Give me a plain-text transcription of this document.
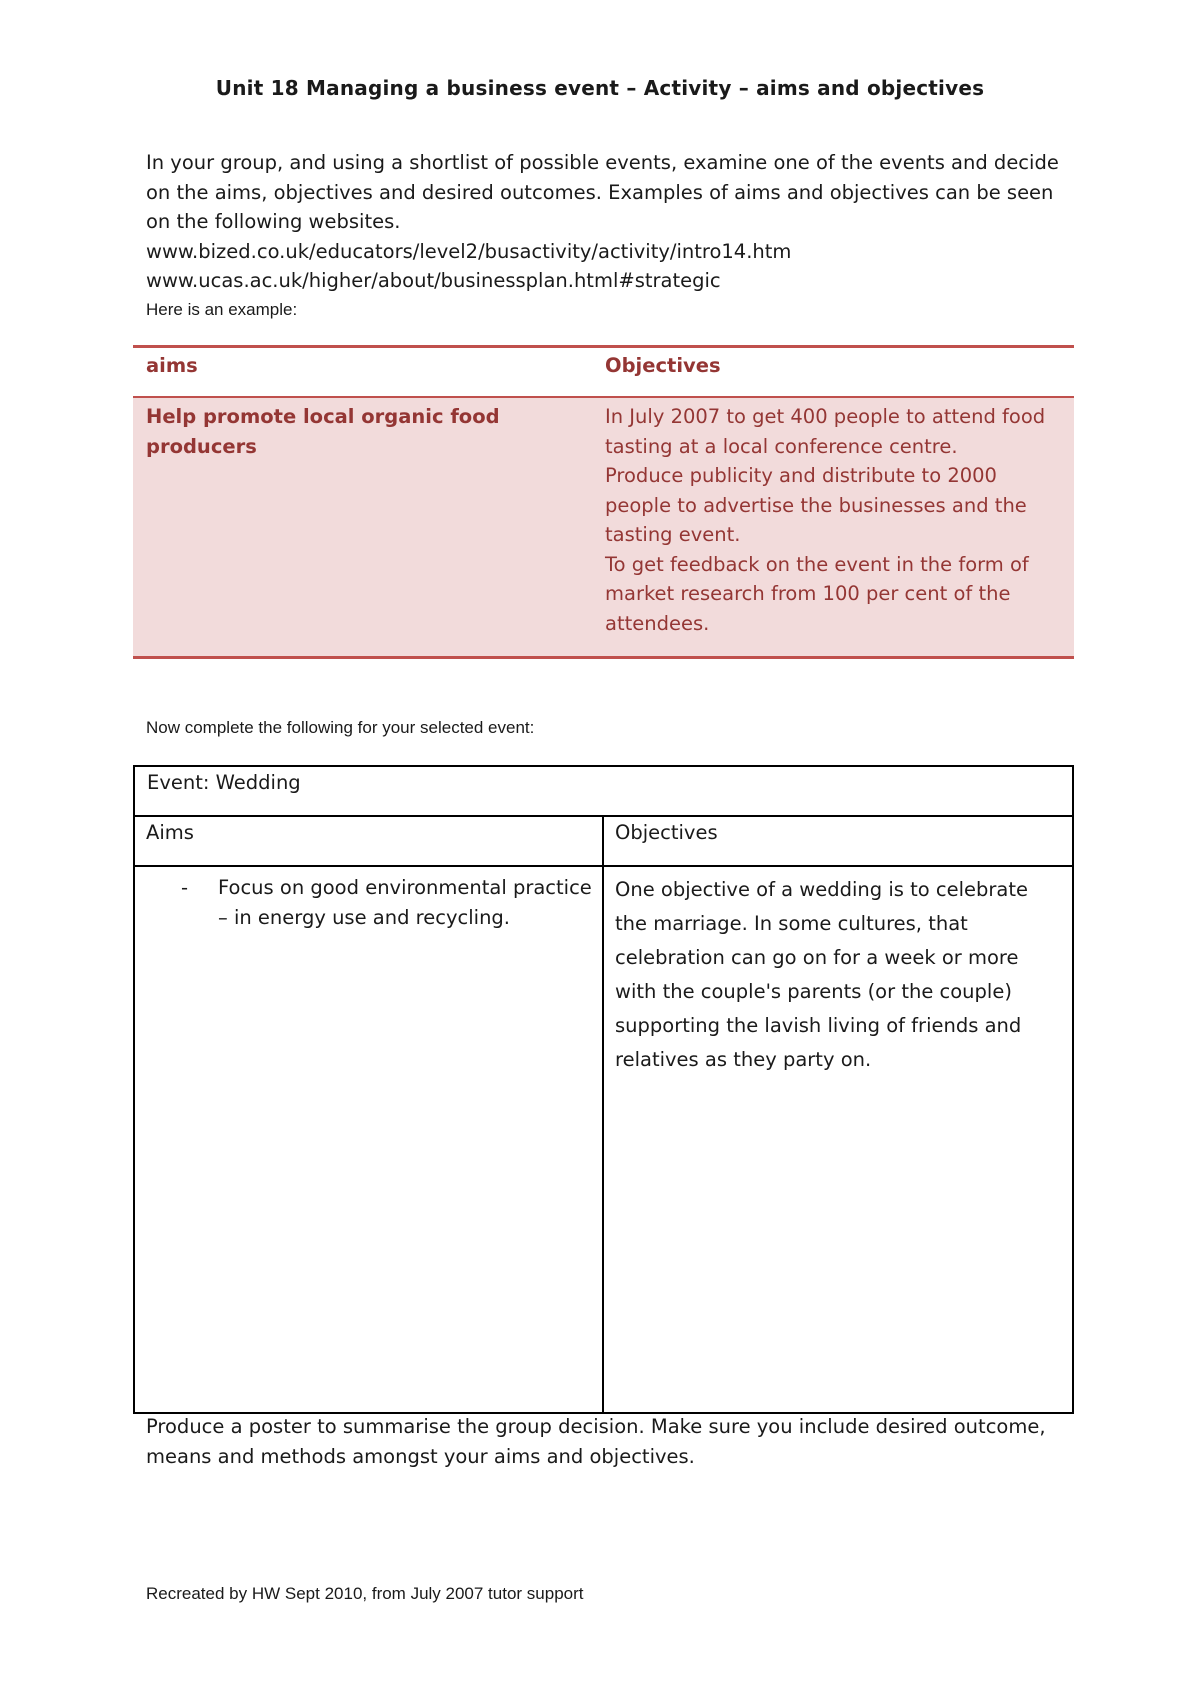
Unit 18 Managing a business event – Activity – aims and objectives

In your group, and using a shortlist of possible events, examine one of the events and decide on the aims, objectives and desired outcomes. Examples of aims and objectives can be seen on the following websites.

www.bized.co.uk/educators/level2/busactivity/activity/intro14.htm
www.ucas.ac.uk/higher/about/businessplan.html#strategic
Here is an example:
aims	Objectives
Help promote local organic food producers

In July 2007 to get 400 people to attend food tasting at a local conference centre.

Produce publicity and distribute to 2000 people to advertise the businesses and the tasting event.

To get feedback on the event in the form of market research from 100 per cent of the attendees.

Now complete the following for your selected event:
Event: Wedding
Aims
- Focus on good environmental practice – in energy use and recycling.
Objectives

One objective of a wedding is to celebrate the marriage. In some cultures, that celebration can go on for a week or more with the couple's parents (or the couple) supporting the lavish living of friends and relatives as they party on.

Produce a poster to summarise the group decision. Make sure you include desired outcome, means and methods amongst your aims and objectives.

Recreated by HW Sept 2010, from July 2007 tutor support
